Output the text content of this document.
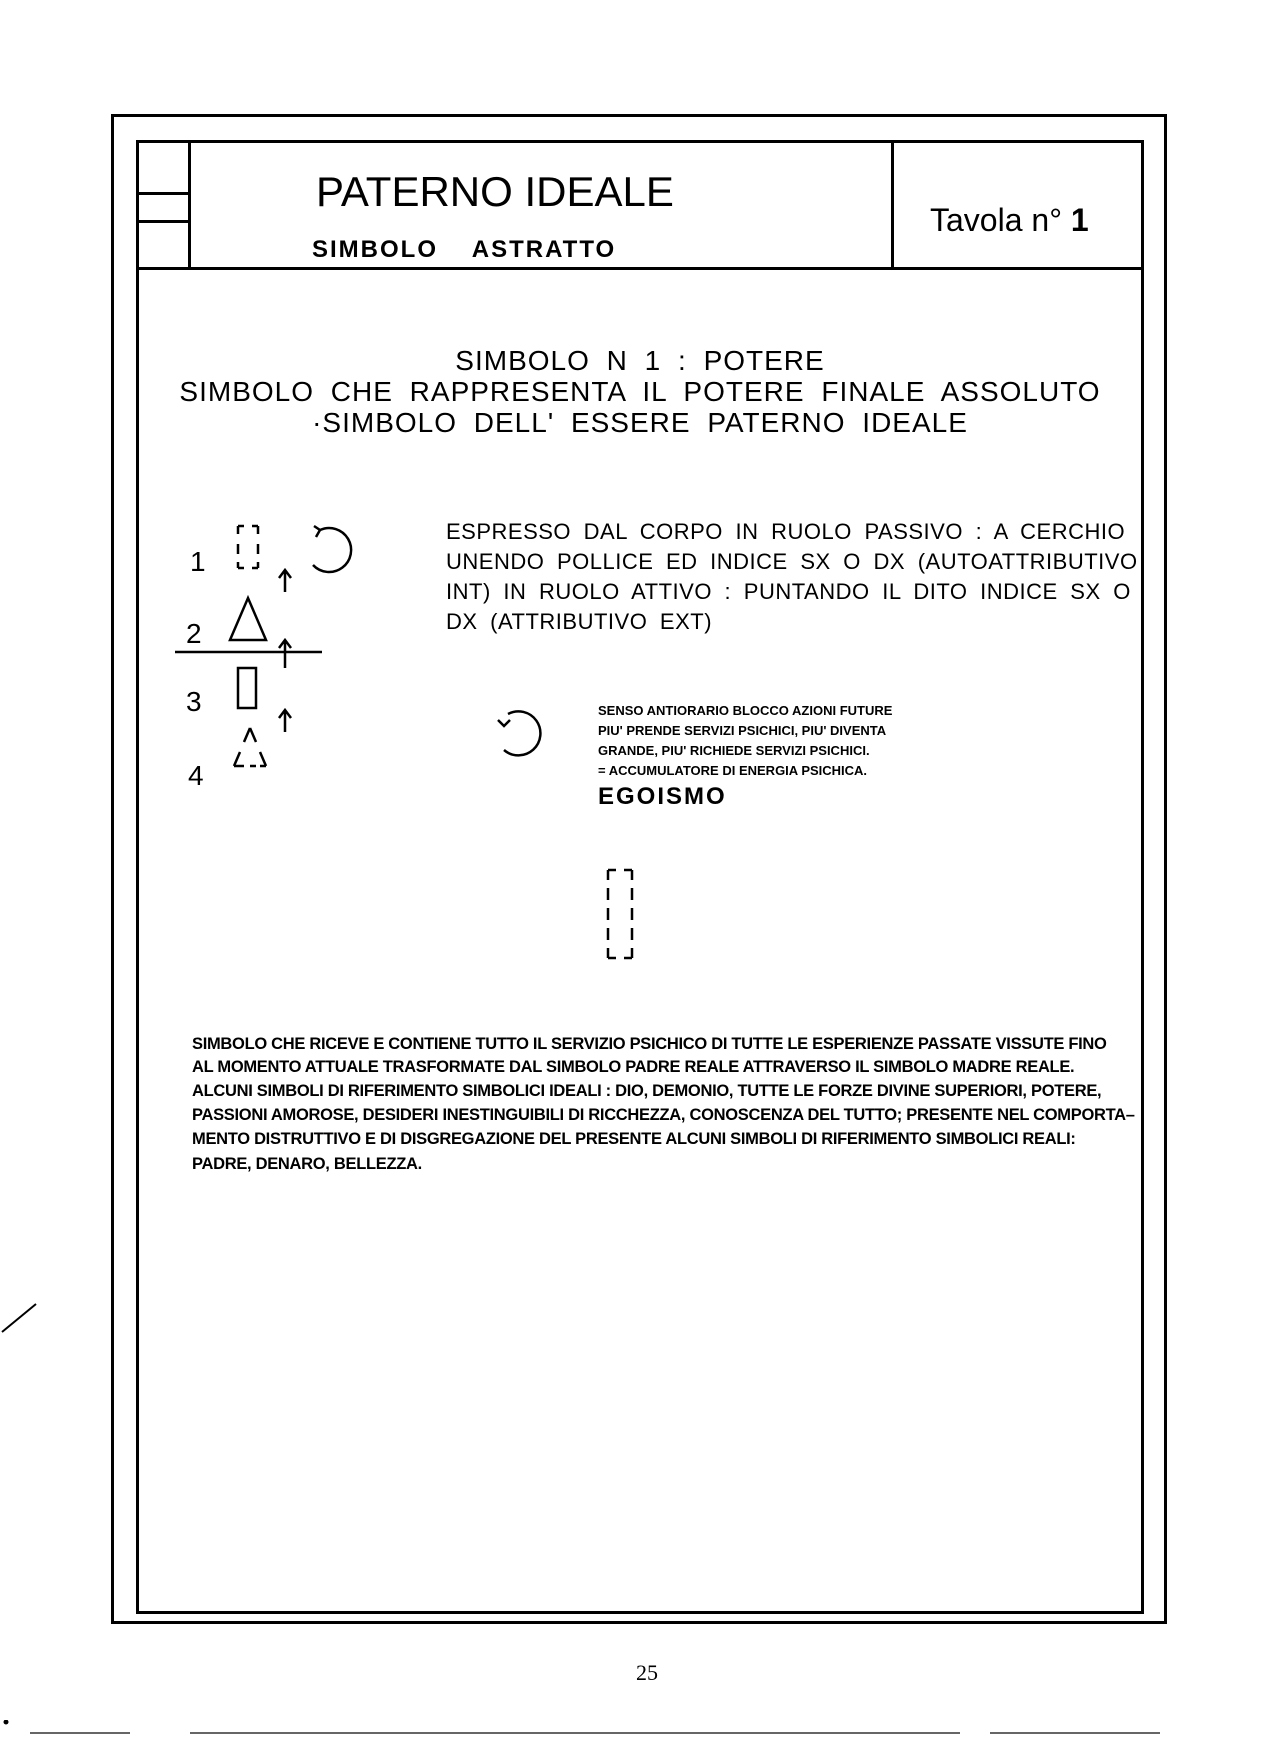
PATERNO IDEALE
SIMBOLO ASTRATTO
Tavola n° 1
SIMBOLO N 1 : POTERE
SIMBOLO CHE RAPPRESENTA IL POTERE FINALE ASSOLUTO
·SIMBOLO DELL' ESSERE PATERNO IDEALE
1
2
3
4
ESPRESSO DAL CORPO IN RUOLO PASSIVO : A CERCHIO
UNENDO POLLICE ED INDICE SX O DX (AUTOATTRIBUTIVO
INT) IN RUOLO ATTIVO : PUNTANDO IL DITO INDICE SX O
DX (ATTRIBUTIVO EXT)
SENSO ANTIORARIO BLOCCO AZIONI FUTURE
PIU' PRENDE SERVIZI PSICHICI, PIU' DIVENTA
GRANDE, PIU' RICHIEDE SERVIZI PSICHICI.
= ACCUMULATORE DI ENERGIA PSICHICA.
EGOISMO
SIMBOLO CHE RICEVE E CONTIENE TUTTO IL SERVIZIO PSICHICO DI TUTTE LE ESPERIENZE PASSATE VISSUTE FINO
AL MOMENTO ATTUALE TRASFORMATE DAL SIMBOLO PADRE REALE ATTRAVERSO IL SIMBOLO MADRE REALE.
ALCUNI SIMBOLI DI RIFERIMENTO SIMBOLICI IDEALI : DIO, DEMONIO, TUTTE LE FORZE DIVINE SUPERIORI, POTERE,
PASSIONI AMOROSE, DESIDERI INESTINGUIBILI DI RICCHEZZA, CONOSCENZA DEL TUTTO; PRESENTE NEL COMPORTA–
MENTO DISTRUTTIVO E DI DISGREGAZIONE DEL PRESENTE ALCUNI SIMBOLI DI RIFERIMENTO SIMBOLICI REALI:
PADRE, DENARO, BELLEZZA.
25
